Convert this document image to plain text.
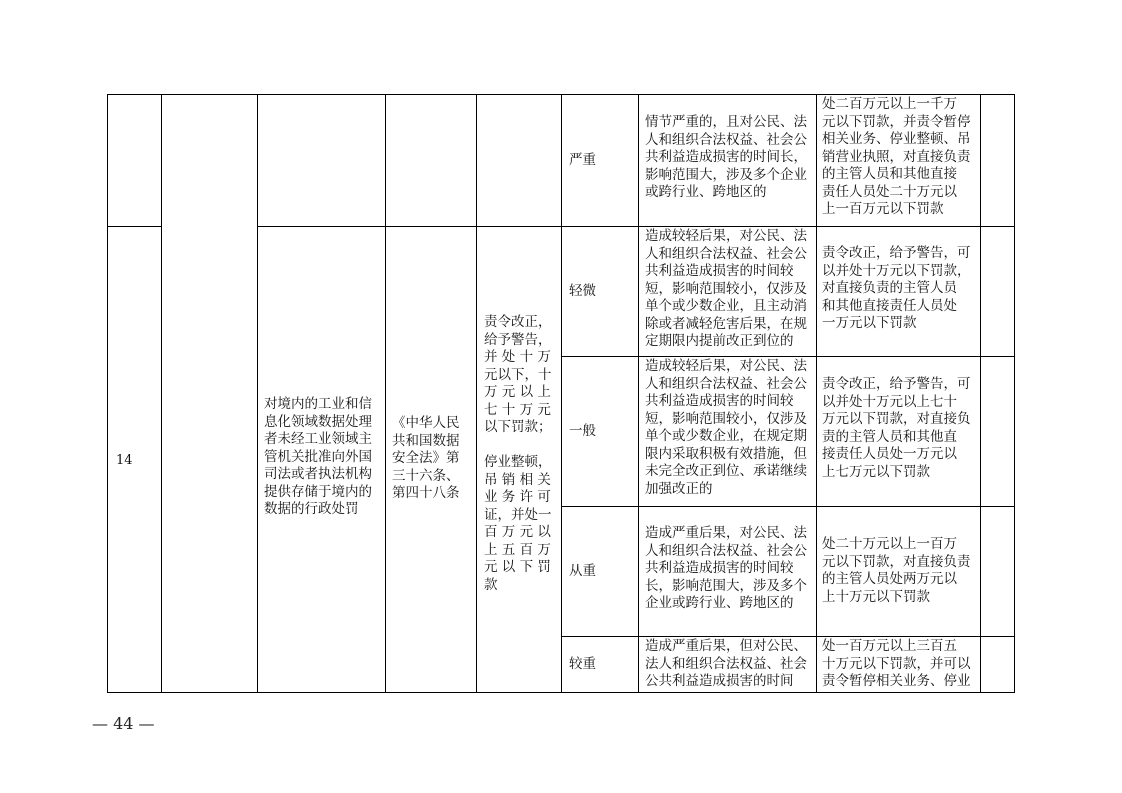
严重
情节严重的，且对公民、法
人和组织合法权益、社会公
共利益造成损害的时间长，
影响范围大，涉及多个企业
或跨行业、跨地区的
处二百万元以上一千万
元以下罚款，并责令暂停
相关业务、停业整顿、吊
销营业执照，对直接负责
的主管人员和其他直接
责任人员处二十万元以
上一百万元以下罚款
14
对境内的工业和信
息化领域数据处理
者未经工业领域主
管机关批准向外国
司法或者执法机构
提供存储于境内的
数据的行政处罚
《中华人民
共和国数据
安全法》第
三十六条、
第四十八条
责令改正，
给予警告，
并 处 十 万
元以下，十
万 元 以 上
七 十 万 元
以下罚款；

停业整顿，
吊 销 相 关
业 务 许 可
证，并处一
百 万 元 以
上 五 百 万
元 以 下 罚
款
轻微
造成较轻后果，对公民、法
人和组织合法权益、社会公
共利益造成损害的时间较
短，影响范围较小，仅涉及
单个或少数企业，且主动消
除或者减轻危害后果，在规
定期限内提前改正到位的
责令改正，给予警告，可
以并处十万元以下罚款，
对直接负责的主管人员
和其他直接责任人员处
一万元以下罚款
一般
造成较轻后果，对公民、法
人和组织合法权益、社会公
共利益造成损害的时间较
短，影响范围较小，仅涉及
单个或少数企业，在规定期
限内采取积极有效措施，但
未完全改正到位、承诺继续
加强改正的
责令改正，给予警告，可
以并处十万元以上七十
万元以下罚款，对直接负
责的主管人员和其他直
接责任人员处一万元以
上七万元以下罚款
从重
造成严重后果，对公民、法
人和组织合法权益、社会公
共利益造成损害的时间较
长，影响范围大，涉及多个
企业或跨行业、跨地区的
处二十万元以上一百万
元以下罚款，对直接负责
的主管人员处两万元以
上十万元以下罚款
较重
造成严重后果，但对公民、
法人和组织合法权益、社会
公共利益造成损害的时间
处一百万元以上三百五
十万元以下罚款，并可以
责令暂停相关业务、停业
— 44 —
